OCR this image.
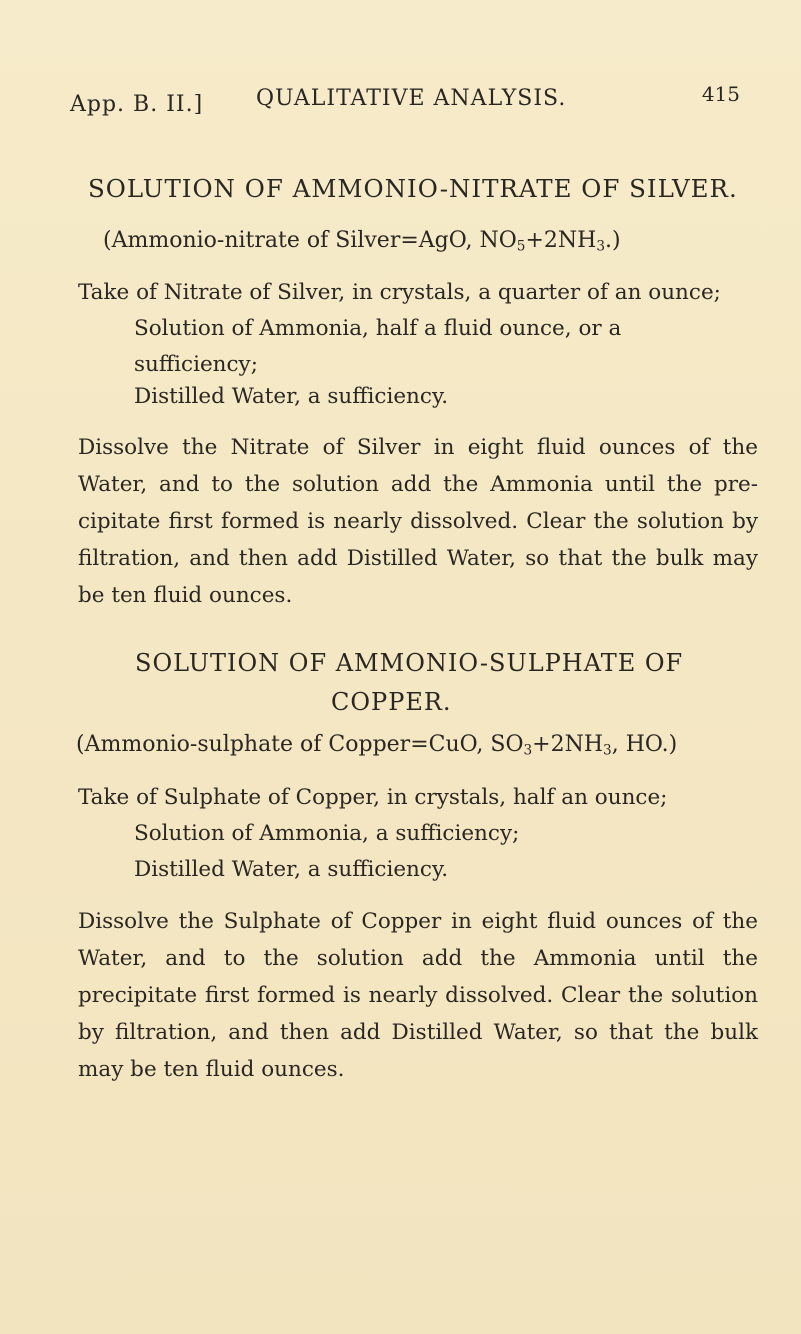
App. B. II.] QUALITATIVE ANALYSIS.	415
SOLUTION OF AMMONIO-NITRATE OF SILVER.
(Ammonio-nitrate of Silver=AgO, $NO_5+2NH_3$.)
Take of Nitrate of Silver, in crystals, a quarter of an ounce;
Solution of Ammonia, half a fluid ounce, or a
sufficiency;
Distilled Water, a sufficiency.
Dissolve the Nitrate of Silver in eight fluid ounces of the Water, and to the solution add the Ammonia until the pre-cipitate first formed is nearly dissolved. Clear the solution by filtration, and then add Distilled Water, so that the bulk may be ten fluid ounces.
SOLUTION OF AMMONIO-SULPHATE OF
COPPER.
(Ammonio-sulphate of Copper=CuO, $SO_3+2NH_3$, HO.)
Take of Sulphate of Copper, in crystals, half an ounce;
Solution of Ammonia, a sufficiency;
Distilled Water, a sufficiency.
Dissolve the Sulphate of Copper in eight fluid ounces of the Water, and to the solution add the Ammonia until the precipitate first formed is nearly dissolved. Clear the solution by filtration, and then add Distilled Water, so that the bulk may be ten fluid ounces.
